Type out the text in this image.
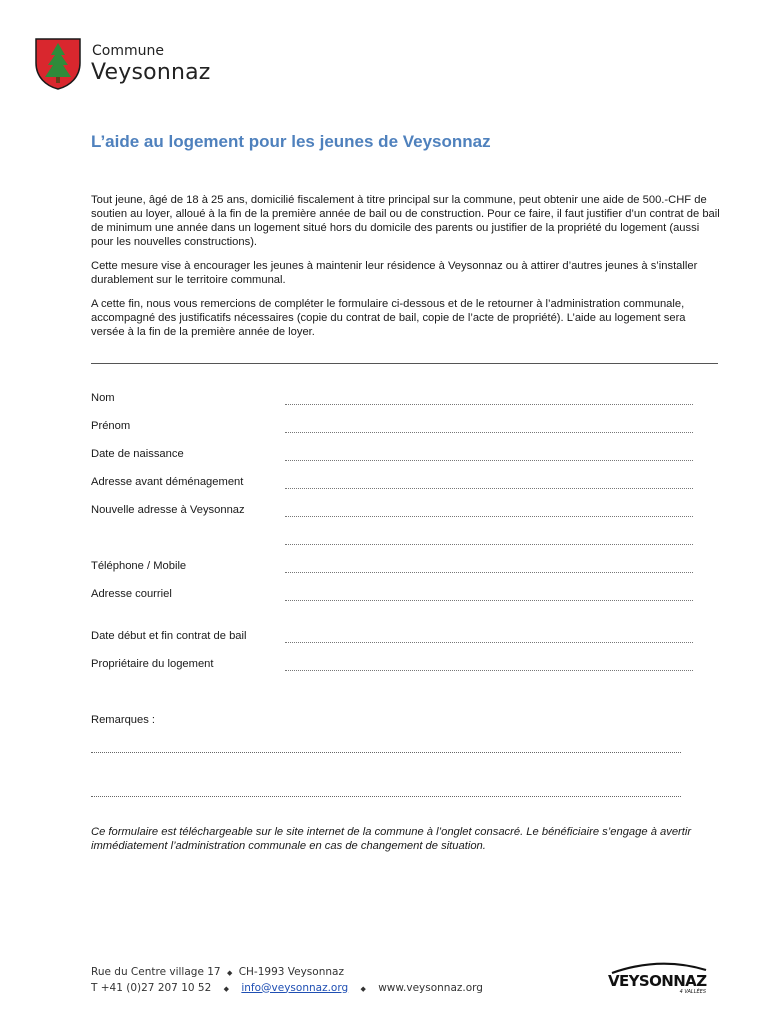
Commune
Veysonnaz
L’aide au logement pour les jeunes de Veysonnaz

Tout jeune, âgé de 18 à 25 ans, domicilié fiscalement à titre principal sur la commune, peut obtenir une aide de 500.-CHF de soutien au loyer, alloué à la fin de la première année de bail ou de construction. Pour ce faire, il faut justifier d’un contrat de bail de minimum une année dans un logement situé hors du domicile des parents ou justifier de la propriété du logement (aussi pour les nouvelles constructions).

Cette mesure vise à encourager les jeunes à maintenir leur résidence à Veysonnaz ou à attirer d’autres jeunes à s’installer durablement sur le territoire communal.

A cette fin, nous vous remercions de compléter le formulaire ci-dessous et de le retourner à l’administration communale, accompagné des justificatifs nécessaires (copie du contrat de bail, copie de l’acte de propriété). L’aide au logement sera versée à la fin de la première année de loyer.

Nom
Prénom
Date de naissance
Adresse avant déménagement
Nouvelle adresse à Veysonnaz
Téléphone / Mobile
Adresse courriel
Date début et fin contrat de bail
Propriétaire du logement
Remarques :
Ce formulaire est téléchargeable sur le site internet de la commune à l’onglet consacré. Le bénéficiaire s’engage à avertir immédiatement l’administration communale en cas de changement de situation.
Rue du Centre village 17 ◆ CH-1993 Veysonnaz
T +41 (0)27 207 10 52 ◆ info@veysonnaz.org ◆ www.veysonnaz.org	VEYSONNAZ
4 VALLÉES
